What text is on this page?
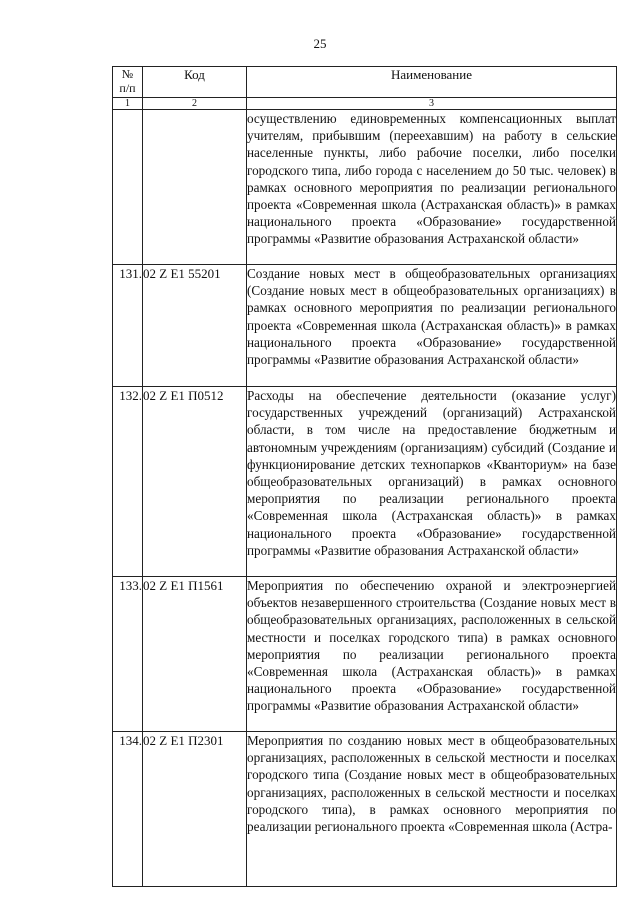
25
№
п/п	Код	Наименование
1	2	3
		осуществлению единовременных компенсационных выплат учителям, прибывшим (переехавшим) на работу в сельские населенные пункты, либо рабочие поселки, либо поселки городского типа, либо города с населением до 50 тыс. человек) в рамках основного мероприятия по реализации регионального проекта «Современная школа (Астраханская область)» в рамках национального проекта «Образование» государственной программы «Развитие образования Астраханской области»
131.	02 Z E1 55201	Создание новых мест в общеобразовательных организациях (Создание новых мест в общеобразовательных организациях) в рамках основного мероприятия по реализации регионального проекта «Современная школа (Астраханская область)» в рамках национального проекта «Образование» государственной программы «Развитие образования Астраханской области»
132.	02 Z E1 П0512	Расходы на обеспечение деятельности (оказание услуг) государственных учреждений (организаций) Астраханской области, в том числе на предоставление бюджетным и автономным учреждениям (организациям) субсидий (Создание и функционирование детских технопарков «Кванториум» на базе общеобразовательных организаций) в рамках основного мероприятия по реализации регионального проекта «Современная школа (Астраханская область)» в рамках национального проекта «Образование» государственной программы «Развитие образования Астраханской области»
133.	02 Z E1 П1561	Мероприятия по обеспечению охраной и электроэнергией объектов незавершенного строительства (Создание новых мест в общеобразовательных организациях, расположенных в сельской местности и поселках городского типа) в рамках основного мероприятия по реализации регионального проекта «Современная школа (Астраханская область)» в рамках национального проекта «Образование» государственной программы «Развитие образования Астраханской области»
134.	02 Z E1 П2301	Мероприятия по созданию новых мест в общеобразовательных организациях, расположенных в сельской местности и поселках городского типа (Создание новых мест в общеобразовательных организациях, расположенных в сельской местности и поселках городского типа), в рамках основного мероприятия по реализации регионального проекта «Современная школа (Астра-
